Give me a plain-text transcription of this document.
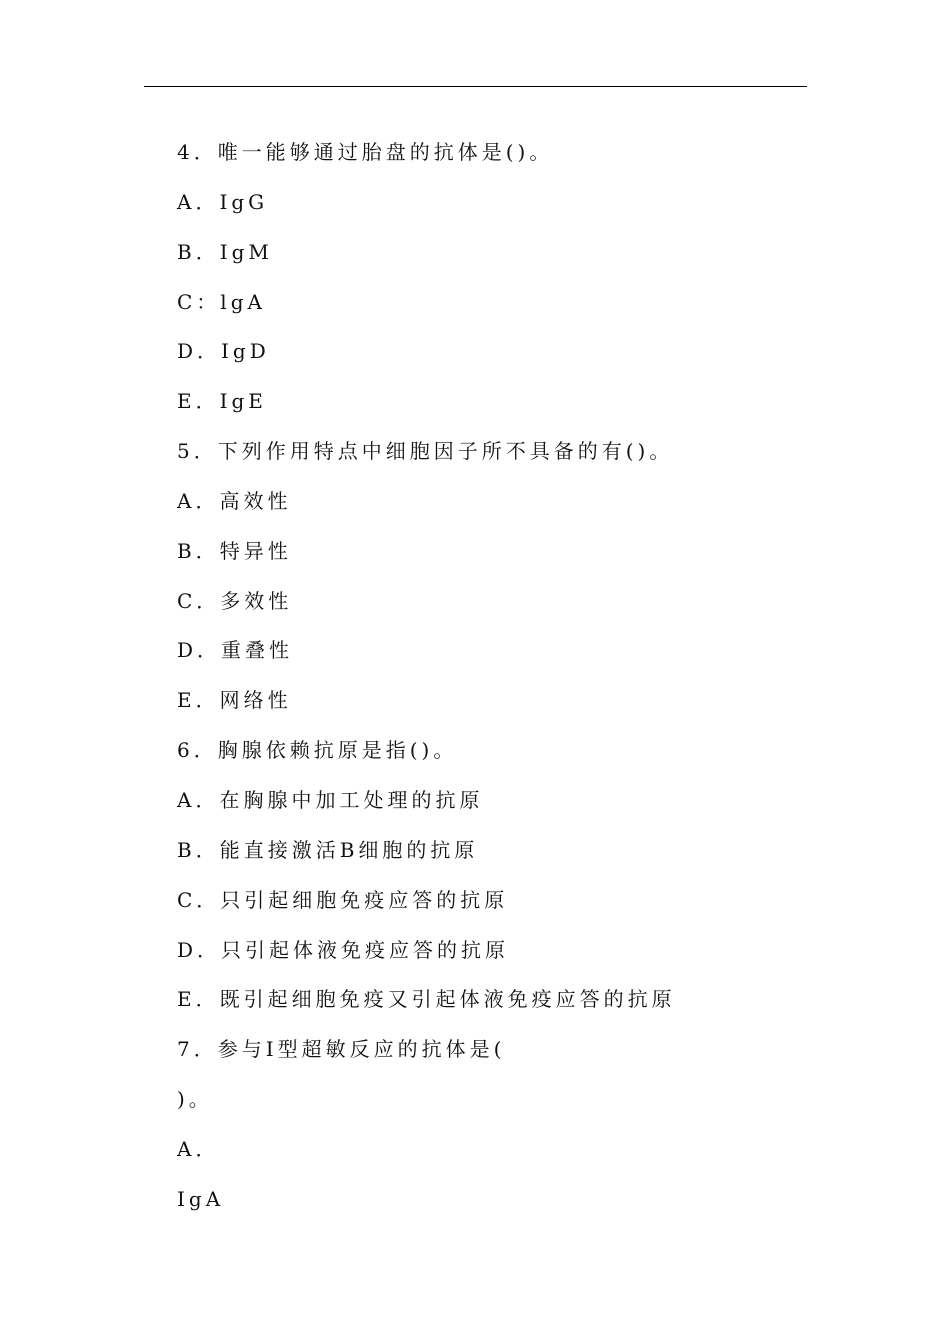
4．唯一能够通过胎盘的抗体是()。
A．IgG
B．IgM
C：lgA
D．IgD
E．IgE
5．下列作用特点中细胞因子所不具备的有()。
A．高效性
B．特异性
C．多效性
D．重叠性
E．网络性
6．胸腺依赖抗原是指()。
A．在胸腺中加工处理的抗原
B．能直接激活B细胞的抗原
C．只引起细胞免疫应答的抗原
D．只引起体液免疫应答的抗原
E．既引起细胞免疫又引起体液免疫应答的抗原
7．参与Ⅰ型超敏反应的抗体是(
)。
A．
IgA
